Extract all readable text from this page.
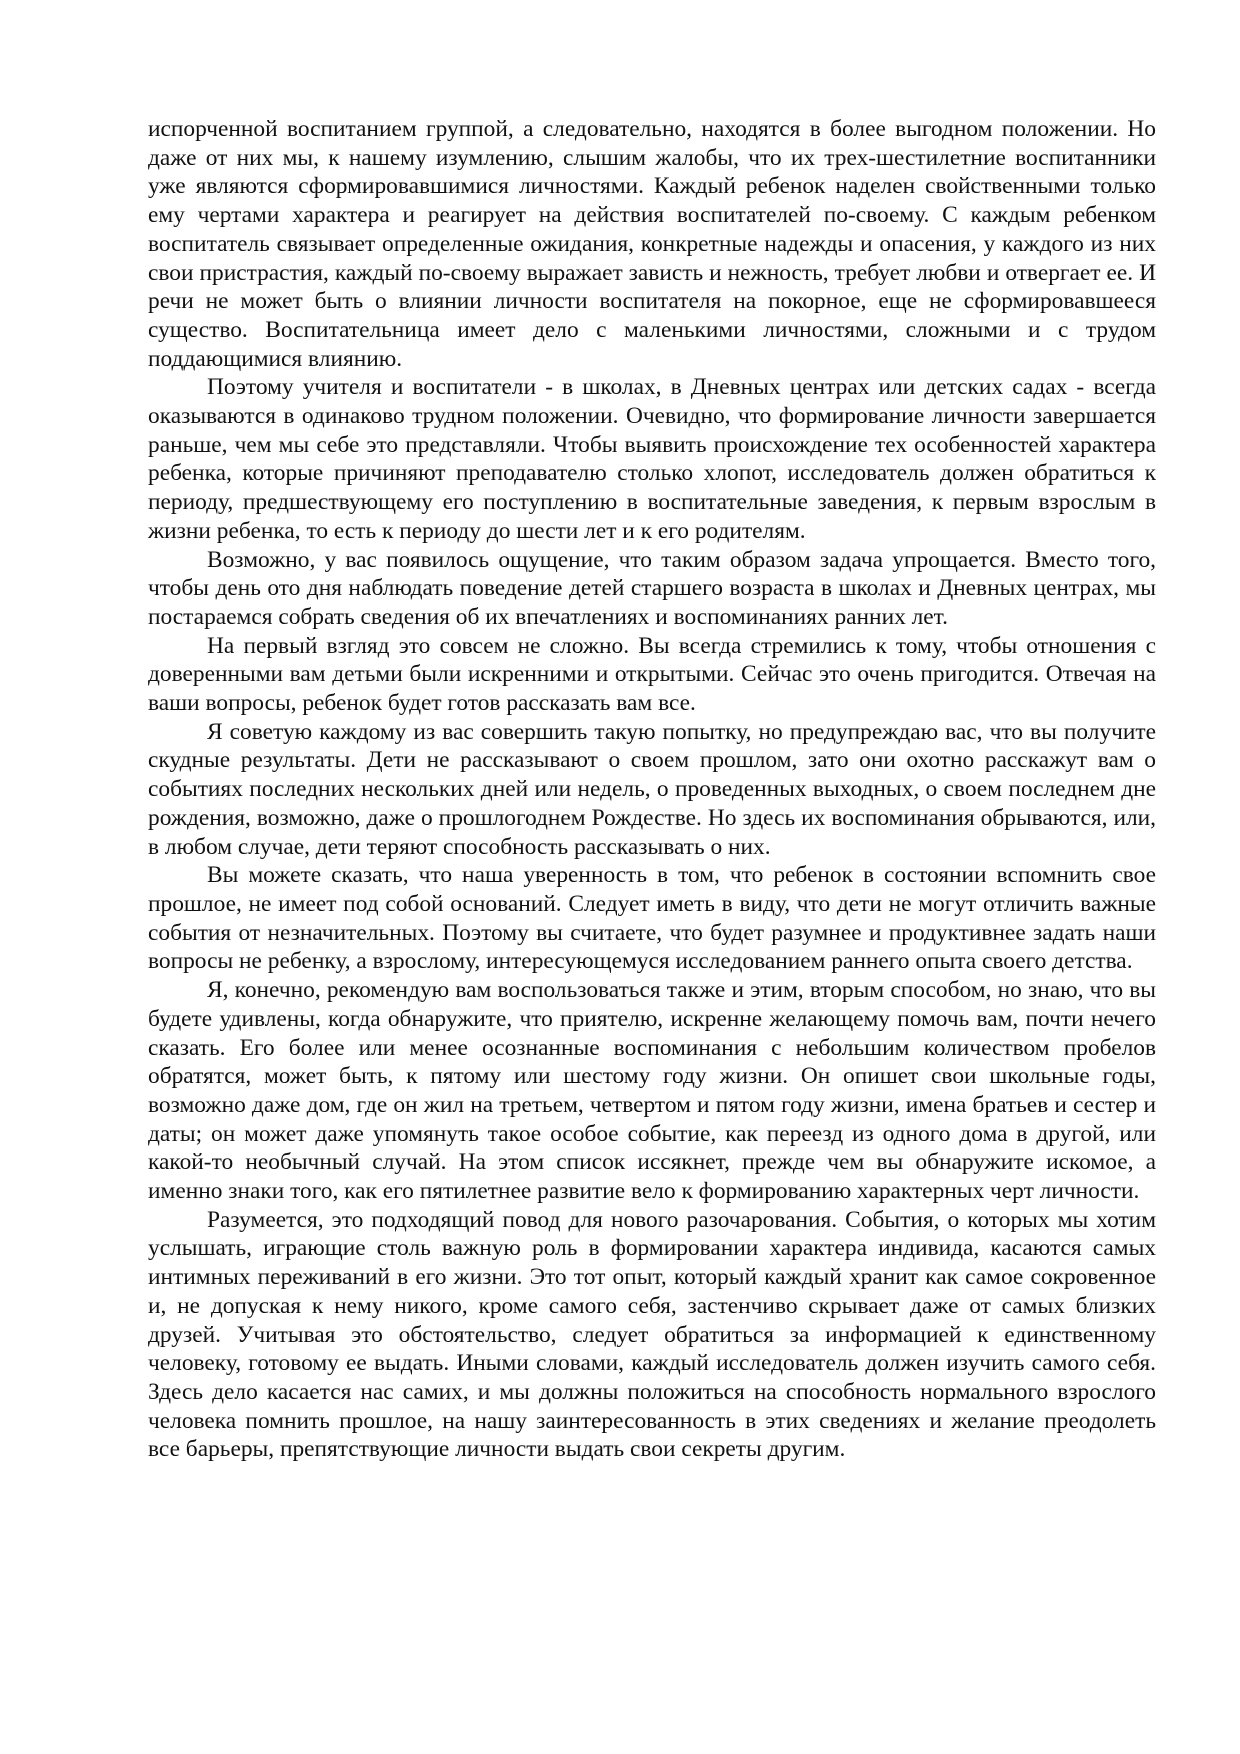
испорченной воспитанием группой, а следовательно, находятся в более выгодном положении. Но даже от них мы, к нашему изумлению, слышим жалобы, что их трех-шестилетние воспитанники уже являются сформировавшимися личностями. Каждый ребенок наделен свойственными только ему чертами характера и реагирует на действия воспитателей по-своему. С каждым ребенком воспитатель связывает определенные ожидания, конкретные надежды и опасения, у каждого из них свои пристрастия, каждый по-своему выражает зависть и нежность, требует любви и отвергает ее. И речи не может быть о влиянии личности воспитателя на покорное, еще не сформировавшееся существо. Воспитательница имеет дело с маленькими личностями, сложными и с трудом поддающимися влиянию.

Поэтому учителя и воспитатели - в школах, в Дневных центрах или детских садах - всегда оказываются в одинаково трудном положении. Очевидно, что формирование личности завершается раньше, чем мы себе это представляли. Чтобы выявить происхождение тех особенностей характера ребенка, которые причиняют преподавателю столько хлопот, исследователь должен обратиться к периоду, предшествующему его поступлению в воспитательные заведения, к первым взрослым в жизни ребенка, то есть к периоду до шести лет и к его родителям.

Возможно, у вас появилось ощущение, что таким образом задача упрощается. Вместо того, чтобы день ото дня наблюдать поведение детей старшего возраста в школах и Дневных центрах, мы постараемся собрать сведения об их впечатлениях и воспоминаниях ранних лет.

На первый взгляд это совсем не сложно. Вы всегда стремились к тому, чтобы отношения с доверенными вам детьми были искренними и открытыми. Сейчас это очень пригодится. Отвечая на ваши вопросы, ребенок будет готов рассказать вам все.

Я советую каждому из вас совершить такую попытку, но предупреждаю вас, что вы получите скудные результаты. Дети не рассказывают о своем прошлом, зато они охотно расскажут вам о событиях последних нескольких дней или недель, о проведенных выходных, о своем последнем дне рождения, возможно, даже о прошлогоднем Рождестве. Но здесь их воспоминания обрываются, или, в любом случае, дети теряют способность рассказывать о них.

Вы можете сказать, что наша уверенность в том, что ребенок в состоянии вспомнить свое прошлое, не имеет под собой оснований. Следует иметь в виду, что дети не могут отличить важные события от незначительных. Поэтому вы считаете, что будет разумнее и продуктивнее задать наши вопросы не ребенку, а взрослому, интересующемуся исследованием раннего опыта своего детства.

Я, конечно, рекомендую вам воспользоваться также и этим, вторым способом, но знаю, что вы будете удивлены, когда обнаружите, что приятелю, искренне желающему помочь вам, почти нечего сказать. Его более или менее осознанные воспоминания с небольшим количеством пробелов обратятся, может быть, к пятому или шестому году жизни. Он опишет свои школьные годы, возможно даже дом, где он жил на третьем, четвертом и пятом году жизни, имена братьев и сестер и даты; он может даже упомянуть такое особое событие, как переезд из одного дома в другой, или какой-то необычный случай. На этом список иссякнет, прежде чем вы обнаружите искомое, а именно знаки того, как его пятилетнее развитие вело к формированию характерных черт личности.

Разумеется, это подходящий повод для нового разочарования. События, о которых мы хотим услышать, играющие столь важную роль в формировании характера индивида, касаются самых интимных переживаний в его жизни. Это тот опыт, который каждый хранит как самое сокровенное и, не допуская к нему никого, кроме самого себя, застенчиво скрывает даже от самых близких друзей. Учитывая это обстоятельство, следует обратиться за информацией к единственному человеку, готовому ее выдать. Иными словами, каждый исследователь должен изучить самого себя. Здесь дело касается нас самих, и мы должны положиться на способность нормального взрослого человека помнить прошлое, на нашу заинтересованность в этих сведениях и желание преодолеть все барьеры, препятствующие личности выдать свои секреты другим.
